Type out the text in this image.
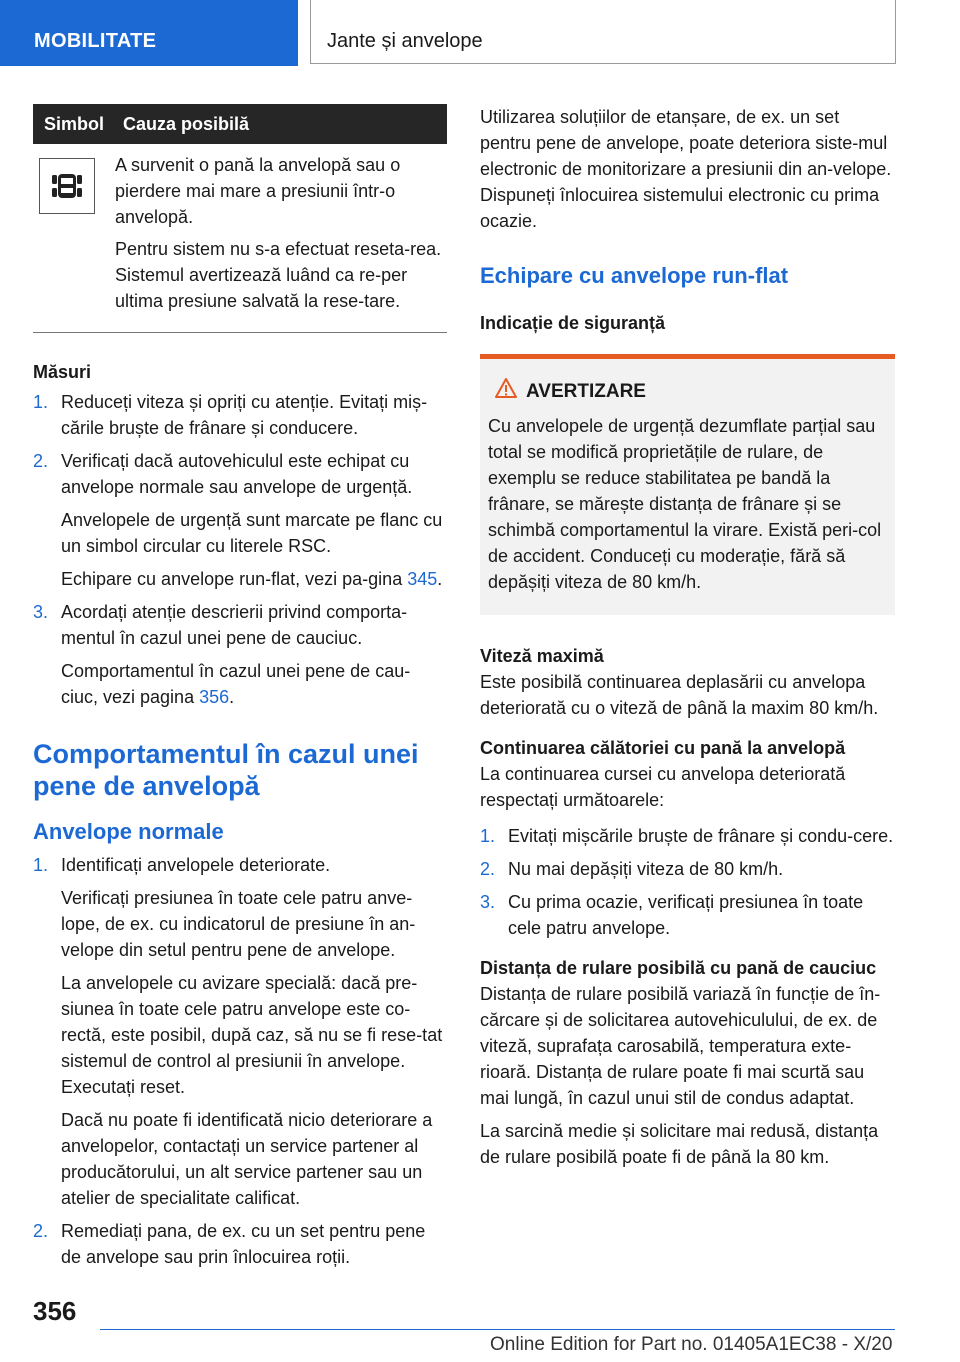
MOBILITATE	Jante și anvelope
Simbol	Cauza posibilă

A survenit o pană la anvelopă sau o pierdere mai mare a presiunii într-o anvelopă.

Pentru sistem nu s-a efectuat reseta-rea. Sistemul avertizează luând ca re-per ultima presiune salvată la rese-tare.

Măsuri

1. Reduceți viteza și opriți cu atenție. Evitați miș-cările bruște de frânare și conducere.

2. Verificați dacă autovehiculul este echipat cu anvelope normale sau anvelope de urgență.

Anvelopele de urgență sunt marcate pe flanc cu un simbol circular cu literele RSC.

Echipare cu anvelope run-flat, vezi pa-gina 345.

3. Acordați atenție descrierii privind comporta-mentul în cazul unei pene de cauciuc.

Comportamentul în cazul unei pene de cau-ciuc, vezi pagina 356.

Comportamentul în cazul unei pene de anvelopă
Anvelope normale
1. Identificați anvelopele deteriorate.

Verificați presiunea în toate cele patru anve-lope, de ex. cu indicatorul de presiune în an-velope din setul pentru pene de anvelope.

La anvelopele cu avizare specială: dacă pre-siunea în toate cele patru anvelope este co-rectă, este posibil, după caz, să nu se fi rese-tat sistemul de control al presiunii în anvelope. Executați reset.

Dacă nu poate fi identificată nicio deteriorare a anvelopelor, contactați un service partener al producătorului, un alt service partener sau un atelier de specialitate calificat.

2. Remediați pana, de ex. cu un set pentru pene de anvelope sau prin înlocuirea roții.

Utilizarea soluțiilor de etanșare, de ex. un set pentru pene de anvelope, poate deteriora siste-mul electronic de monitorizare a presiunii din an-velope. Dispuneți înlocuirea sistemului electronic cu prima ocazie.

Echipare cu anvelope run-flat

Indicație de siguranță

AVERTIZARE

Cu anvelopele de urgență dezumflate parțial sau total se modifică proprietățile de rulare, de exemplu se reduce stabilitatea pe bandă la frânare, se mărește distanța de frânare și se schimbă comportamentul la virare. Există peri-col de accident. Conduceți cu moderație, fără să depășiți viteza de 80 km/h.

Viteză maximă

Este posibilă continuarea deplasării cu anvelopa deteriorată cu o viteză de până la maxim 80 km/h.

Continuarea călătoriei cu pană la anvelopă

La continuarea cursei cu anvelopa deteriorată respectați următoarele:

1. Evitați mișcările bruște de frânare și condu-cere.

2. Nu mai depășiți viteza de 80 km/h.

3. Cu prima ocazie, verificați presiunea în toate cele patru anvelope.

Distanța de rulare posibilă cu pană de cauciuc

Distanța de rulare posibilă variază în funcție de în-cărcare și de solicitarea autovehiculului, de ex. de viteză, suprafața carosabilă, temperatura exte-rioară. Distanța de rulare poate fi mai scurtă sau mai lungă, în cazul unui stil de condus adaptat.

La sarcină medie și solicitare mai redusă, distanța de rulare posibilă poate fi de până la 80 km.

356
Online Edition for Part no. 01405A1EC38 - X/20
